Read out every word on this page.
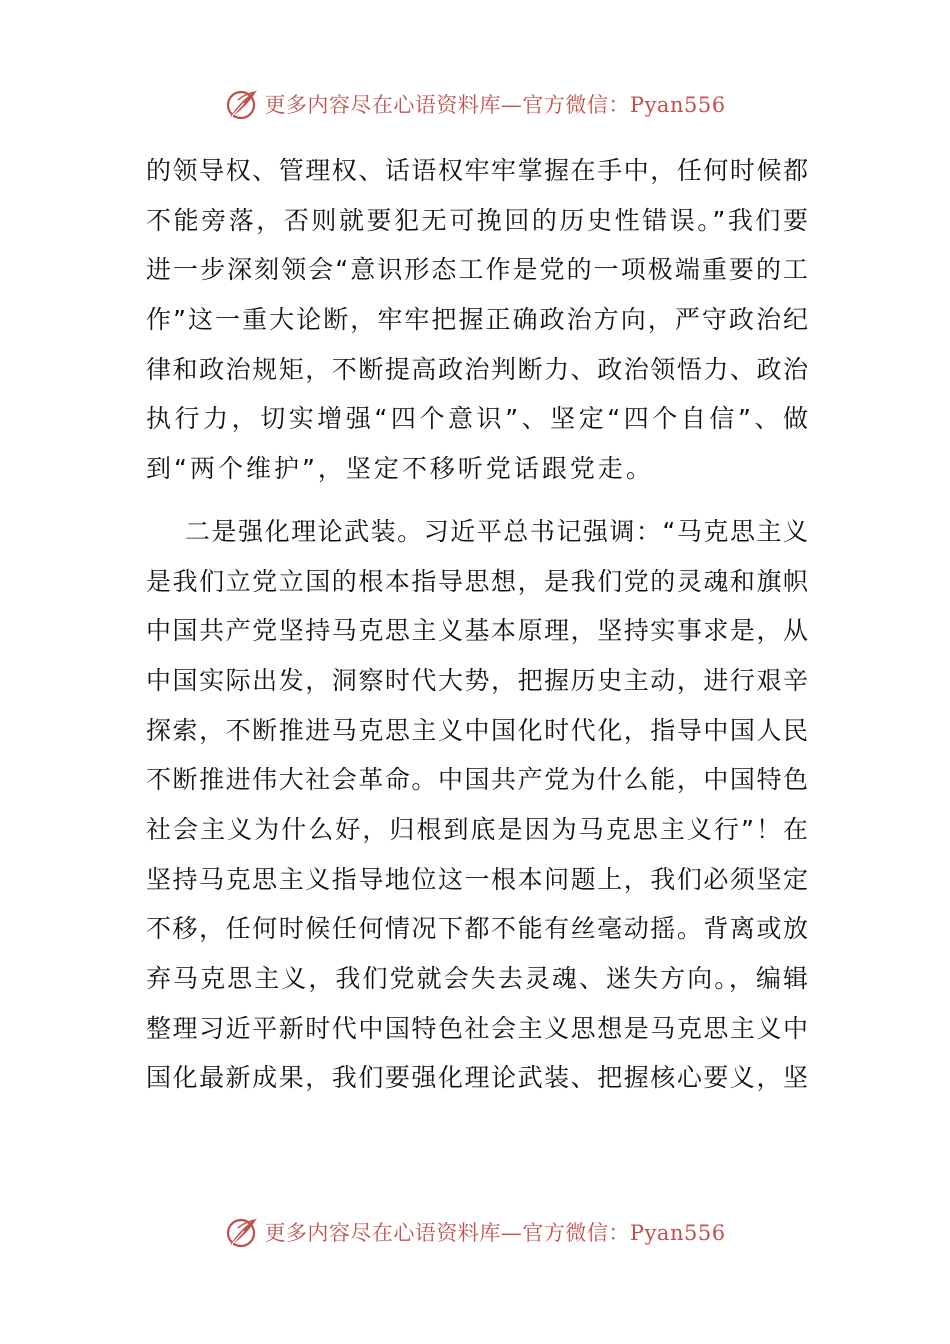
更多内容尽在心语资料库—官方微信：Pyan556
的领导权、管理权、话语权牢牢掌握在手中，任何时候都
不能旁落，否则就要犯无可挽回的历史性错误。”我们要
进一步深刻领会“意识形态工作是党的一项极端重要的工
作”这一重大论断，牢牢把握正确政治方向，严守政治纪
律和政治规矩，不断提高政治判断力、政治领悟力、政治
执行力，切实增强“四个意识”、坚定“四个自信”、做
到“两个维护”，坚定不移听党话跟党走。
二是强化理论武装。习近平总书记强调：“马克思主义
是我们立党立国的根本指导思想，是我们党的灵魂和旗帜
中国共产党坚持马克思主义基本原理，坚持实事求是，从
中国实际出发，洞察时代大势，把握历史主动，进行艰辛
探索，不断推进马克思主义中国化时代化，指导中国人民
不断推进伟大社会革命。中国共产党为什么能，中国特色
社会主义为什么好，归根到底是因为马克思主义行”！在
坚持马克思主义指导地位这一根本问题上，我们必须坚定
不移，任何时候任何情况下都不能有丝毫动摇。背离或放
弃马克思主义，我们党就会失去灵魂、迷失方向。，编辑
整理习近平新时代中国特色社会主义思想是马克思主义中
国化最新成果，我们要强化理论武装、把握核心要义，坚
更多内容尽在心语资料库—官方微信：Pyan556
